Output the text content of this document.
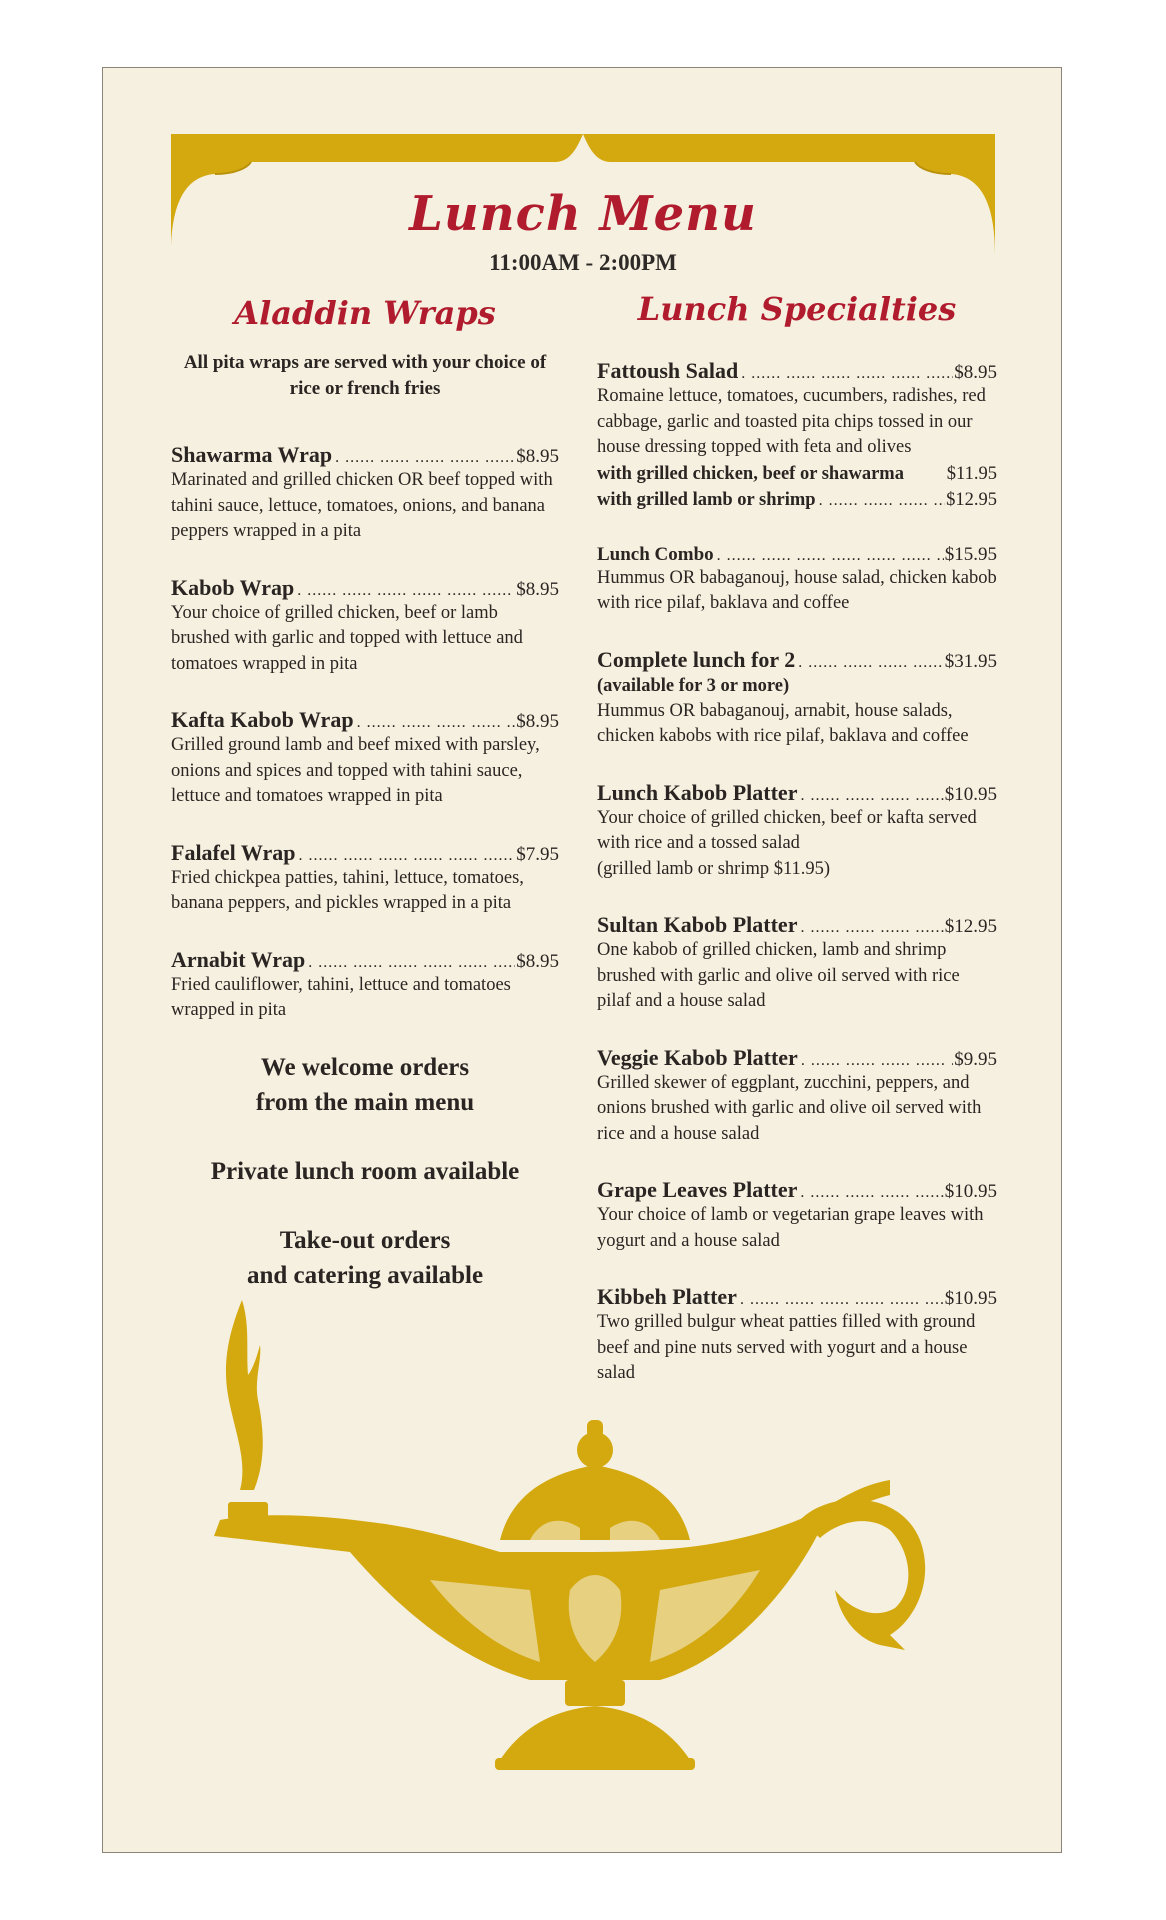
Lunch Menu
11:00AM - 2:00PM
Aladdin Wraps	Lunch Specialties
All pita wraps are served with your choice of rice or french fries
Shawarma Wrap . ...	$8.95
Marinated and grilled chicken OR beef topped with tahini sauce, lettuce, tomatoes, onions, and banana peppers wrapped in a pita
Kabob Wrap . ...	$8.95
Your choice of grilled chicken, beef or lamb brushed with garlic and topped with lettuce and tomatoes wrapped in pita
Kafta Kabob Wrap . ...	$8.95
Grilled ground lamb and beef mixed with parsley, onions and spices and topped with tahini sauce, lettuce and tomatoes wrapped in pita
Falafel Wrap . ...	$7.95
Fried chickpea patties, tahini, lettuce, tomatoes, banana peppers, and pickles wrapped in a pita
Arnabit Wrap . ...	$8.95
Fried cauliflower, tahini, lettuce and tomatoes wrapped in pita
We welcome orders
from the main menu
Private lunch room available
Take-out orders
and catering available
Fattoush Salad . ...	$8.95
Romaine lettuce, tomatoes, cucumbers, radishes, red cabbage, garlic and toasted pita chips tossed in our house dressing topped with feta and olives
with grilled chicken, beef or shawarma $11.95
with grilled lamb or shrimp . ...	$12.95
Lunch Combo . ...	$15.95
Hummus OR babaganouj, house salad, chicken kabob with rice pilaf, baklava and coffee
Complete lunch for 2 . ...	$31.95
(available for 3 or more)
Hummus OR babaganouj, arnabit, house salads, chicken kabobs with rice pilaf, baklava and coffee
Lunch Kabob Platter . ...	$10.95
Your choice of grilled chicken, beef or kafta served with rice and a tossed salad
(grilled lamb or shrimp $11.95)
Sultan Kabob Platter . ...	$12.95
One kabob of grilled chicken, lamb and shrimp brushed with garlic and olive oil served with rice pilaf and a house salad
Veggie Kabob Platter . ...	$9.95
Grilled skewer of eggplant, zucchini, peppers, and onions brushed with garlic and olive oil served with rice and a house salad
Grape Leaves Platter . ...	$10.95
Your choice of lamb or vegetarian grape leaves with yogurt and a house salad
Kibbeh Platter . ...	$10.95
Two grilled bulgur wheat patties filled with ground beef and pine nuts served with yogurt and a house salad
